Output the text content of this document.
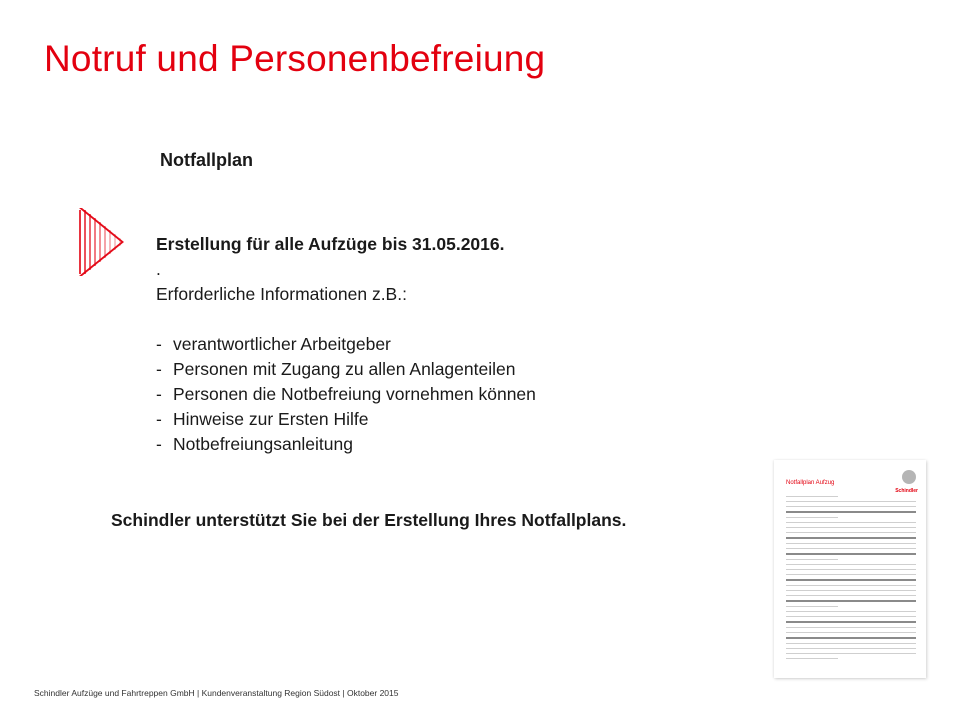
Notruf und Personenbefreiung
Notfallplan
Erstellung für alle Aufzüge bis 31.05.2016.
.
Erforderliche Informationen z.B.:
- verantwortlicher Arbeitgeber
- Personen mit Zugang zu allen Anlagenteilen
- Personen die Notbefreiung vornehmen können
- Hinweise zur Ersten Hilfe
- Notbefreiungsanleitung
Schindler unterstützt Sie bei der Erstellung Ihres Notfallplans.
Notfallplan Aufzug
Schindler
Schindler Aufzüge und Fahrtreppen GmbH | Kundenveranstaltung Region Südost | Oktober 2015
